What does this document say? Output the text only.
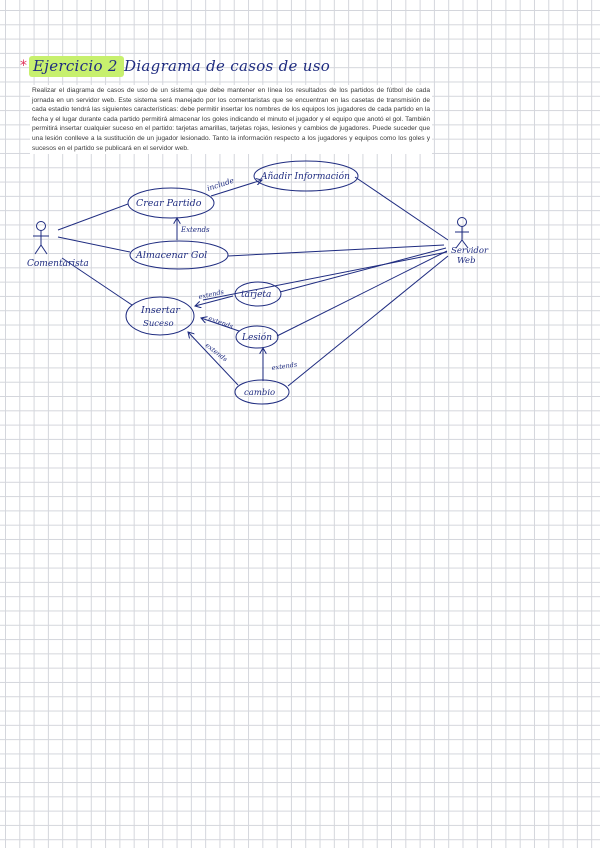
* Ejercicio 2 Diagrama de casos de uso
Realizar el diagrama de casos de uso de un sistema que debe mantener en línea los resultados de los partidos de fútbol de cada jornada en un servidor web. Este sistema será manejado por los comentaristas que se encuentran en las casetas de transmisión de cada estadio tendrá las siguientes características: debe permitir insertar los nombres de los equipos los jugadores de cada partido en la fecha y el lugar durante cada partido permitirá almacenar los goles indicando el minuto el jugador y el equipo que anotó el gol. También permitirá insertar cualquier suceso en el partido: tarjetas amarillas, tarjetas rojas, lesiones y cambios de jugadores. Puede suceder que una lesión conlleve a la sustitución de un jugador lesionado. Tanto la información respecto a los jugadores y equipos como los goles y sucesos en el partido se publicará en el servidor web.
Comentarista
Servidor
Web
Crear Partido
Añadir Información
Almacenar Gol
Insertar
Suceso
tarjeta
Lesión
cambio
include
Extends
extends
extends
extends
extends
